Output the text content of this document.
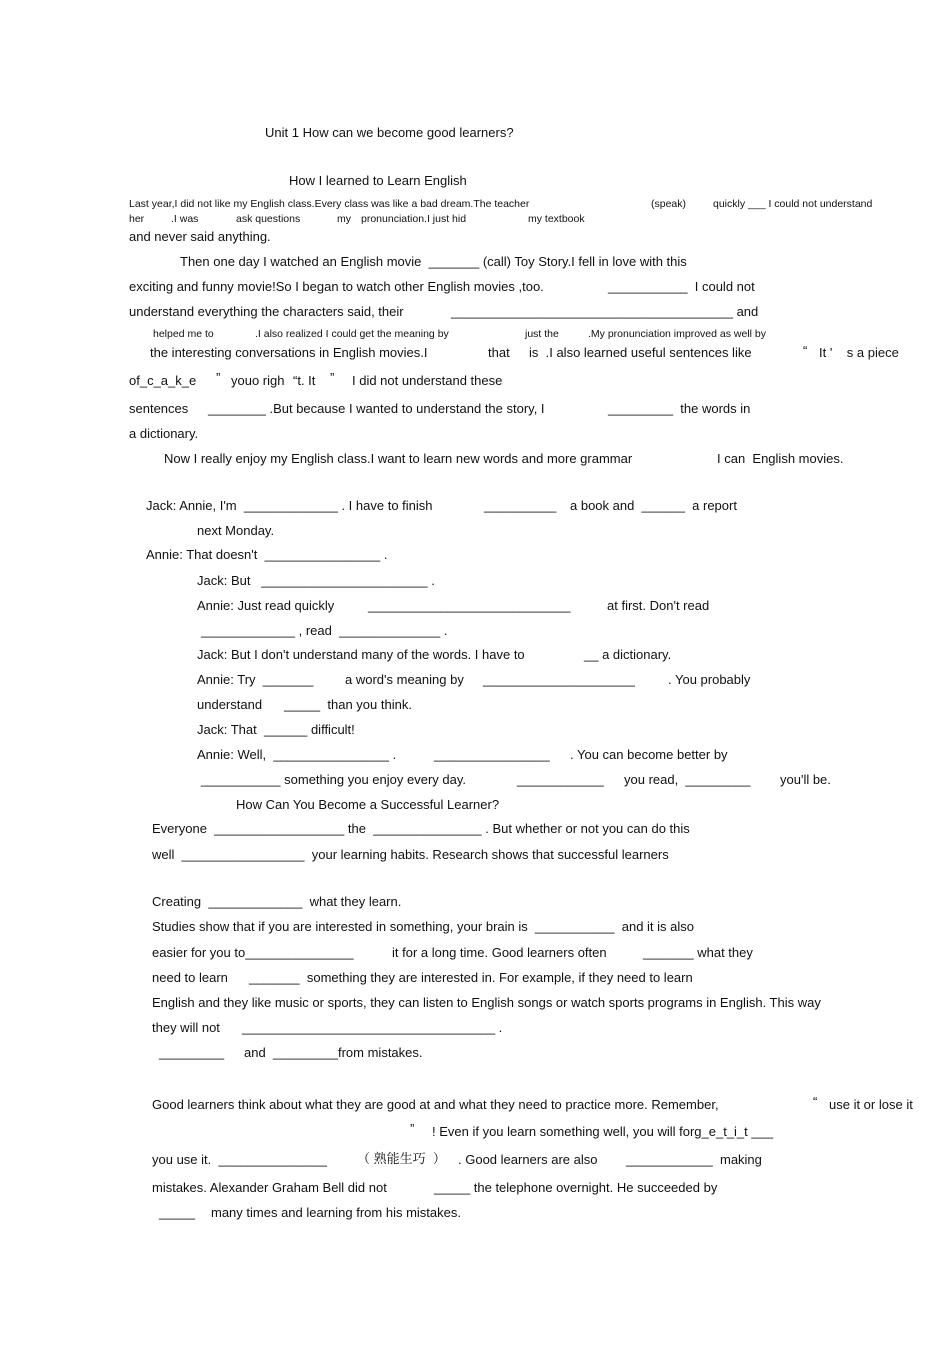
Unit 1 How can we become good learners?
How I learned to Learn English
Last year,I did not like my English class.Every class was like a bad dream.The teacher	(speak)	quickly ___ I could not understand
her	.I was	ask questions	my pronunciation.I just hid	my textbook
and never said anything.
Then one day I watched an English movie  _______ (call) Toy Story.I fell in love with this
exciting and funny movie!So I began to watch other English movies ,too.	___________  I could not
understand everything the characters said, their	_______________________________________ and
helped me to	.I also realized I could get the meaning by	just the	.My pronunciation improved as well by
the interesting conversations in English movies.I	that is  .I also learned useful sentences like	“ It '    s a piece
of_c_a_k_e ” youo righ “t. It ” I did not understand these
sentences ________ .But because I wanted to understand the story, I	_________  the words in
a dictionary.
Now I really enjoy my English class.I want to learn new words and more grammar	I can  English movies.
Jack: Annie, I'm  _____________ . I have to finish	__________ a book and  ______  a report
next Monday.
Annie: That doesn't  ________________ .
Jack: But   _______________________ .
Annie: Just read quickly	____________________________	at first. Don't read
_____________ , read  ______________ .
Jack: But I don't understand many of the words. I have to	__ a dictionary.
Annie: Try  _______ a word's meaning by _____________________	. You probably
understand _____  than you think.
Jack: That  ______ difficult!
Annie: Well,  ________________ .	________________ . You can become better by
___________ something you enjoy every day.	____________ you read,  _________ you'll be.
How Can You Become a Successful Learner?
Everyone  __________________ the  _______________ . But whether or not you can do this
well  _________________  your learning habits. Research shows that successful learners
Creating  _____________  what they learn.
Studies show that if you are interested in something, your brain is  ___________  and it is also
easier for you to_______________	it for a long time. Good learners often	_______ what they
need to learn _______  something they are interested in. For example, if they need to learn
English and they like music or sports, they can listen to English songs or watch sports programs in English. This way
they will not ___________________________________ .
_________ and  _________from mistakes.
Good learners think about what they are good at and what they need to practice more. Remember,	“ use it or lose it
” ! Even if you learn something well, you will forg_e_t_i_t ___
you use it.  _______________ （ 熟能生巧  ） . Good learners are also ____________  making
mistakes. Alexander Graham Bell did not	_____ the telephone overnight. He succeeded by
_____ many times and learning from his mistakes.
